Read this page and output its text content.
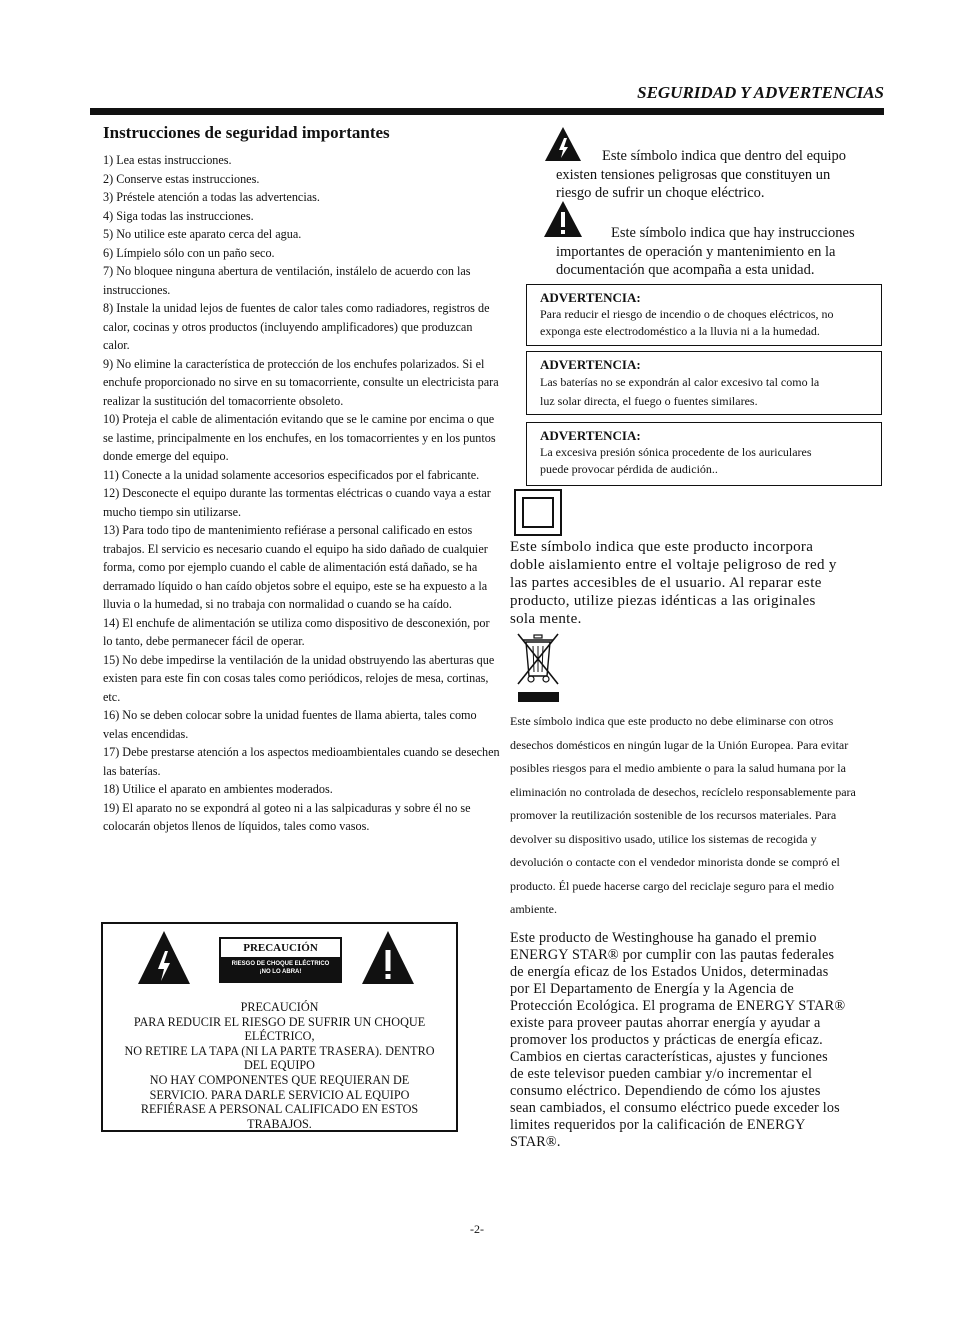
SEGURIDAD Y ADVERTENCIAS
Instrucciones de seguridad importantes

1) Lea estas instrucciones.

2) Conserve estas instrucciones.

3) Préstele atención a todas las advertencias.

4) Siga todas las instrucciones.

5) No utilice este aparato cerca del agua.

6) Límpielo sólo con un paño seco.

7) No bloquee ninguna abertura de ventilación, instálelo de acuerdo con las instrucciones.

8) Instale la unidad lejos de fuentes de calor tales como radiadores, registros de calor, cocinas y otros productos (incluyendo amplificadores) que produzcan calor.

9) No elimine la característica de protección de los enchufes polarizados. Si el enchufe proporcionado no sirve en su tomacorriente, consulte un electricista para realizar la sustitución del tomacorriente obsoleto.

10) Proteja el cable de alimentación evitando que se le camine por encima o que se lastime, principalmente en los enchufes, en los tomacorrientes y en los puntos donde emerge del equipo.

11) Conecte a la unidad solamente accesorios especificados por el fabricante.

12) Desconecte el equipo durante las tormentas eléctricas o cuando vaya a estar mucho tiempo sin utilizarse.

13) Para todo tipo de mantenimiento refiérase a personal calificado en estos trabajos. El servicio es necesario cuando el equipo ha sido dañado de cualquier forma, como por ejemplo cuando el cable de alimentación está dañado, se ha derramado líquido o han caído objetos sobre el equipo, este se ha expuesto a la lluvia o la humedad, si no trabaja con normalidad o cuando se ha caído.

14) El enchufe de alimentación se utiliza como dispositivo de desconexión, por lo tanto, debe permanecer fácil de operar.

15) No debe impedirse la ventilación de la unidad obstruyendo las aberturas que existen para este fin con cosas tales como periódicos, relojes de mesa, cortinas, etc.

16) No se deben colocar sobre la unidad fuentes de llama abierta, tales como velas encendidas.

17) Debe prestarse atención a los aspectos medioambientales cuando se desechen las baterías.

18) Utilice el aparato en ambientes moderados.

19) El aparato no se expondrá al goteo ni a las salpicaduras y sobre él no se colocarán objetos llenos de líquidos, tales como vasos.

PRECAUCIÓN
RIESGO DE CHOQUE ELÉCTRICO
¡NO LO ABRA!
PRECAUCIÓN
PARA REDUCIR EL RIESGO DE SUFRIR UN CHOQUE
ELÉCTRICO,
NO RETIRE LA TAPA (NI LA PARTE TRASERA). DENTRO
DEL EQUIPO
NO HAY COMPONENTES QUE REQUIERAN DE
SERVICIO. PARA DARLE SERVICIO AL EQUIPO
REFIÉRASE A PERSONAL CALIFICADO EN ESTOS
TRABAJOS.
Este símbolo indica que dentro del equipo
existen tensiones peligrosas que constituyen un
riesgo de sufrir un choque eléctrico.
Este símbolo indica que hay instrucciones
importantes de operación y mantenimiento en la
documentación que acompaña a esta unidad.
ADVERTENCIA:
Para reducir el riesgo de incendio o de choques eléctricos, no
exponga este electrodoméstico a la lluvia ni a la humedad.
ADVERTENCIA:
Las baterías no se expondrán al calor excesivo tal como la
luz solar directa, el fuego o fuentes similares.
ADVERTENCIA:
La excesiva presión sónica procedente de los auriculares
puede provocar pérdida de audición..
Este símbolo indica que este producto incorpora
doble aislamiento entre el voltaje peligroso de red y
las partes accesibles de el usuario. Al reparar este
producto, utilize piezas idénticas a las originales
sola mente.
Este símbolo indica que este producto no debe eliminarse con otros
desechos domésticos en ningún lugar de la Unión Europea. Para evitar
posibles riesgos para el medio ambiente o para la salud humana por la
eliminación no controlada de desechos, recíclelo responsablemente para
promover la reutilización sostenible de los recursos materiales. Para
devolver su dispositivo usado, utilice los sistemas de recogida y
devolución o contacte con el vendedor minorista donde se compró el
producto. Él puede hacerse cargo del reciclaje seguro para el medio
ambiente.
Este producto de Westinghouse ha ganado el premio
ENERGY STAR® por cumplir con las pautas federales
de energía eficaz de los Estados Unidos, determinadas
por El Departamento de Energía y la Agencia de
Protección Ecológica. El programa de ENERGY STAR®
existe para proveer pautas ahorrar energía y ayudar a
promover los productos y prácticas de energía eficaz.
Cambios en ciertas características, ajustes y funciones
de este televisor pueden cambiar y/o incrementar el
consumo eléctrico. Dependiendo de cómo los ajustes
sean cambiados, el consumo eléctrico puede exceder los
limites requeridos por la calificación de ENERGY
STAR®.
-2-
